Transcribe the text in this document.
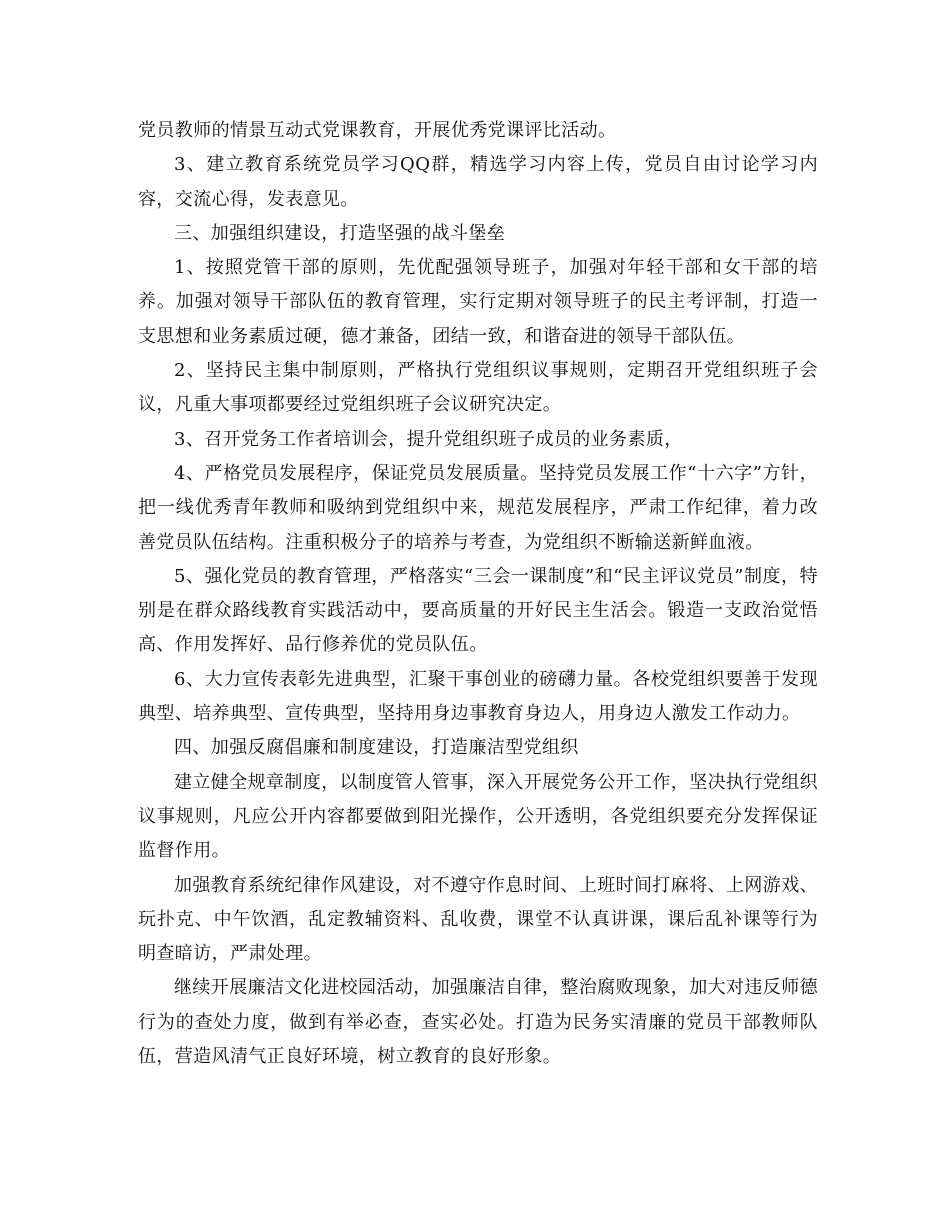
党员教师的情景互动式党课教育，开展优秀党课评比活动。

3、建立教育系统党员学习QQ群，精选学习内容上传，党员自由讨论学习内容，交流心得，发表意见。

三、加强组织建设，打造坚强的战斗堡垒

1、按照党管干部的原则，先优配强领导班子，加强对年轻干部和女干部的培养。加强对领导干部队伍的教育管理，实行定期对领导班子的民主考评制，打造一支思想和业务素质过硬，德才兼备，团结一致，和谐奋进的领导干部队伍。

2、坚持民主集中制原则，严格执行党组织议事规则，定期召开党组织班子会议，凡重大事项都要经过党组织班子会议研究决定。

3、召开党务工作者培训会，提升党组织班子成员的业务素质，

4、严格党员发展程序，保证党员发展质量。坚持党员发展工作“十六字”方针，把一线优秀青年教师和吸纳到党组织中来，规范发展程序，严肃工作纪律，着力改善党员队伍结构。注重积极分子的培养与考查，为党组织不断输送新鲜血液。

5、强化党员的教育管理，严格落实“三会一课制度”和“民主评议党员”制度，特别是在群众路线教育实践活动中，要高质量的开好民主生活会。锻造一支政治觉悟高、作用发挥好、品行修养优的党员队伍。

6、大力宣传表彰先进典型，汇聚干事创业的磅礴力量。各校党组织要善于发现典型、培养典型、宣传典型，坚持用身边事教育身边人，用身边人激发工作动力。

四、加强反腐倡廉和制度建设，打造廉洁型党组织

建立健全规章制度，以制度管人管事，深入开展党务公开工作，坚决执行党组织议事规则，凡应公开内容都要做到阳光操作，公开透明，各党组织要充分发挥保证监督作用。

加强教育系统纪律作风建设，对不遵守作息时间、上班时间打麻将、上网游戏、玩扑克、中午饮酒，乱定教辅资料、乱收费，课堂不认真讲课，课后乱补课等行为明查暗访，严肃处理。

继续开展廉洁文化进校园活动，加强廉洁自律，整治腐败现象，加大对违反师德行为的查处力度，做到有举必查，查实必处。打造为民务实清廉的党员干部教师队伍，营造风清气正良好环境，树立教育的良好形象。
